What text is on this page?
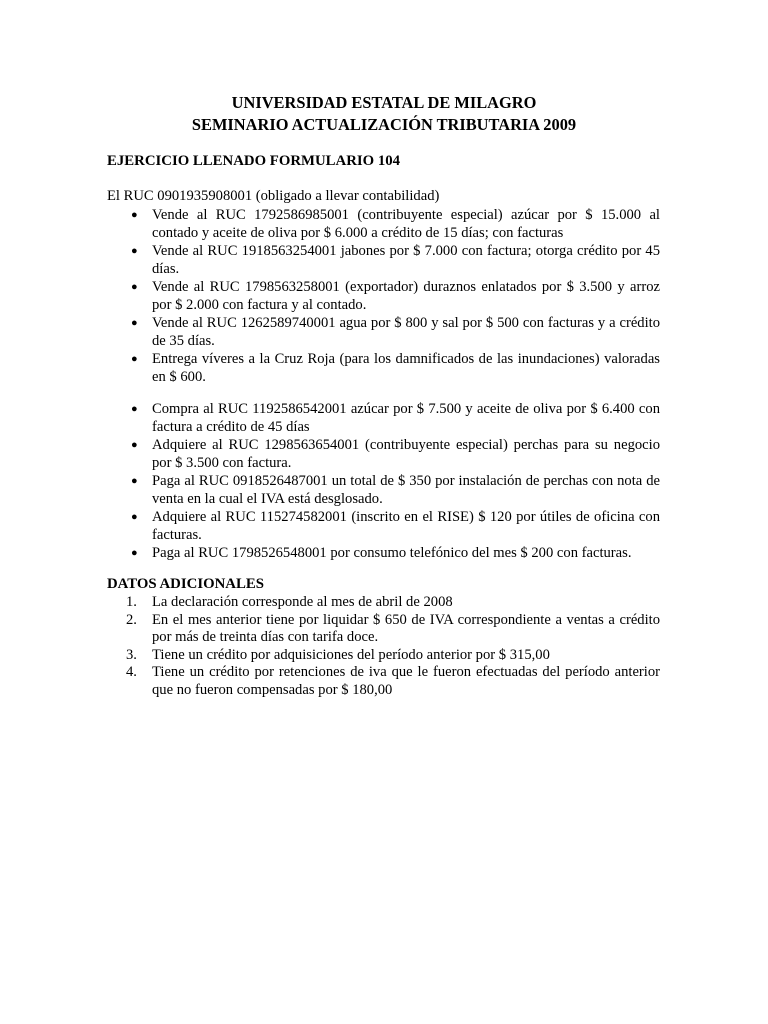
UNIVERSIDAD ESTATAL DE MILAGRO
SEMINARIO ACTUALIZACIÓN TRIBUTARIA 2009
EJERCICIO LLENADO FORMULARIO 104
El RUC 0901935908001 (obligado a llevar contabilidad)
● Vende al RUC 1792586985001 (contribuyente especial) azúcar por $ 15.000 al contado y aceite de oliva por $ 6.000 a crédito de 15 días; con facturas
● Vende al RUC 1918563254001 jabones por $ 7.000 con factura; otorga crédito por 45 días.
● Vende al RUC 1798563258001 (exportador) duraznos enlatados por $ 3.500 y arroz por $ 2.000 con factura y al contado.
● Vende al RUC 1262589740001 agua por $ 800 y sal por $ 500 con facturas y a crédito de 35 días.
● Entrega víveres a la Cruz Roja (para los damnificados de las inundaciones) valoradas en $ 600.
● Compra al RUC 1192586542001 azúcar por $ 7.500 y aceite de oliva por $ 6.400 con factura a crédito de 45 días
● Adquiere al RUC 1298563654001 (contribuyente especial) perchas para su negocio por $ 3.500 con factura.
● Paga al RUC 0918526487001 un total de $ 350 por instalación de perchas con nota de venta en la cual el IVA está desglosado.
● Adquiere al RUC 115274582001 (inscrito en el RISE) $ 120 por útiles de oficina con facturas.
● Paga al RUC 1798526548001 por consumo telefónico del mes $ 200 con facturas.
DATOS ADICIONALES
1. La declaración corresponde al mes de abril de 2008
2. En el mes anterior tiene por liquidar $ 650 de IVA correspondiente a ventas a crédito por más de treinta días con tarifa doce.
3. Tiene un crédito por adquisiciones del período anterior por $ 315,00
4. Tiene un crédito por retenciones de iva que le fueron efectuadas del período anterior que no fueron compensadas por $ 180,00
